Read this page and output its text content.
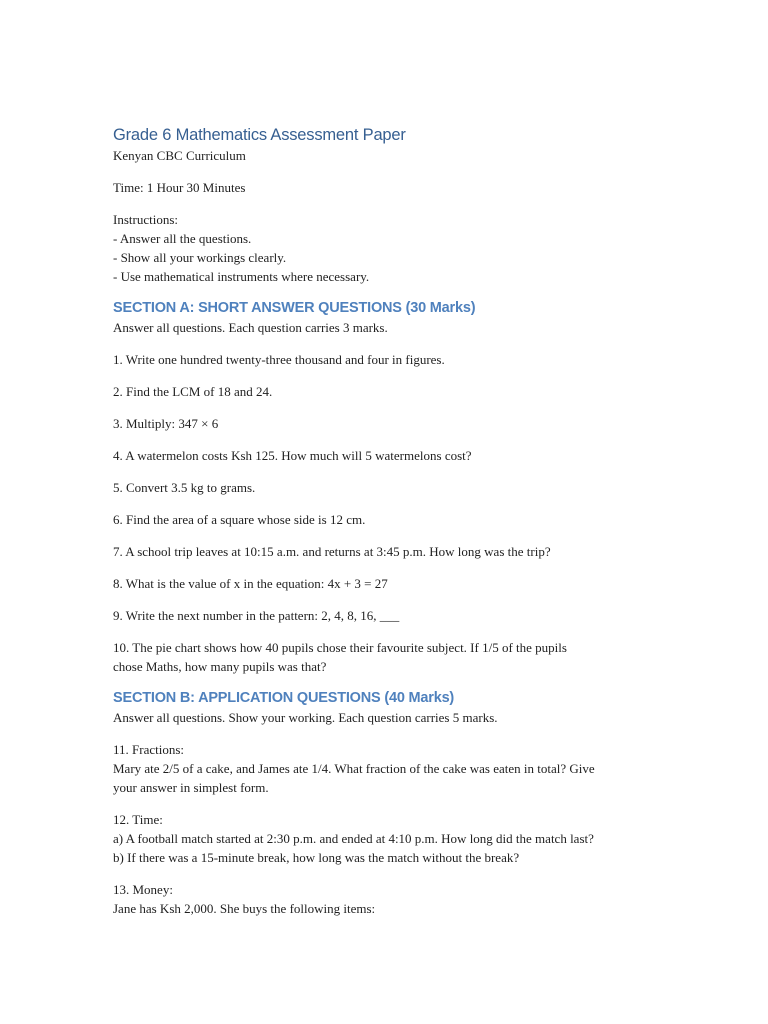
Grade 6 Mathematics Assessment Paper

Kenyan CBC Curriculum

Time: 1 Hour 30 Minutes

Instructions:

- Answer all the questions.

- Show all your workings clearly.

- Use mathematical instruments where necessary.

SECTION A: SHORT ANSWER QUESTIONS (30 Marks)

Answer all questions. Each question carries 3 marks.

1. Write one hundred twenty-three thousand and four in figures.

2. Find the LCM of 18 and 24.

3. Multiply: 347 × 6

4. A watermelon costs Ksh 125. How much will 5 watermelons cost?

5. Convert 3.5 kg to grams.

6. Find the area of a square whose side is 12 cm.

7. A school trip leaves at 10:15 a.m. and returns at 3:45 p.m. How long was the trip?

8. What is the value of x in the equation: 4x + 3 = 27

9. Write the next number in the pattern: 2, 4, 8, 16, ___

10. The pie chart shows how 40 pupils chose their favourite subject. If 1/5 of the pupils

chose Maths, how many pupils was that?

SECTION B: APPLICATION QUESTIONS (40 Marks)

Answer all questions. Show your working. Each question carries 5 marks.

11. Fractions:

Mary ate 2/5 of a cake, and James ate 1/4. What fraction of the cake was eaten in total? Give

your answer in simplest form.

12. Time:

a) A football match started at 2:30 p.m. and ended at 4:10 p.m. How long did the match last?

b) If there was a 15-minute break, how long was the match without the break?

13. Money:

Jane has Ksh 2,000. She buys the following items:
